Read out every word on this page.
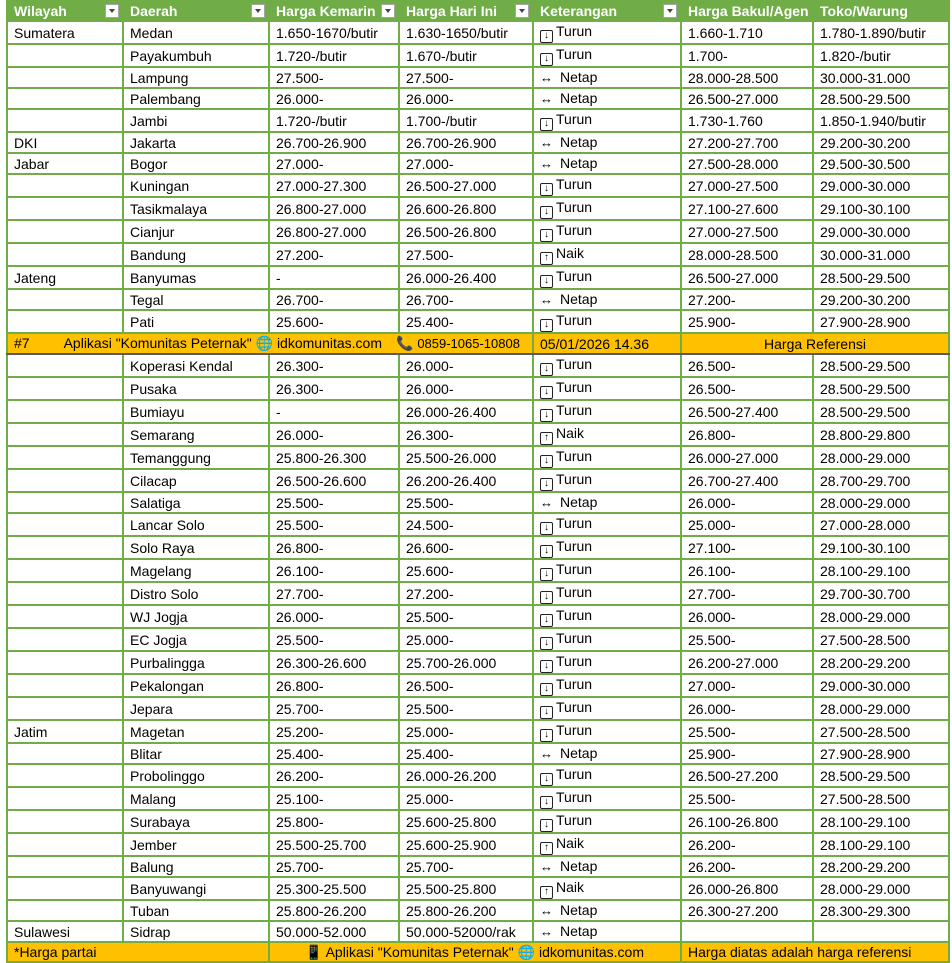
Wilayah	Daerah	Harga Kemarin	Harga Hari Ini	Keterangan	Harga Bakul/Agen	Toko/Warung
Sumatera	Medan	1.650-1670/butir	1.630-1650/butir	↓ Turun	1.660-1.710	1.780-1.890/butir
	Payakumbuh	1.720-/butir	1.670-/butir	↓ Turun	1.700-	1.820-/butir
	Lampung	27.500-	27.500-	↔ Netap	28.000-28.500	30.000-31.000
	Palembang	26.000-	26.000-	↔ Netap	26.500-27.000	28.500-29.500
	Jambi	1.720-/butir	1.700-/butir	↓ Turun	1.730-1.760	1.850-1.940/butir
DKI	Jakarta	26.700-26.900	26.700-26.900	↔ Netap	27.200-27.700	29.200-30.200
Jabar	Bogor	27.000-	27.000-	↔ Netap	27.500-28.000	29.500-30.500
	Kuningan	27.000-27.300	26.500-27.000	↓ Turun	27.000-27.500	29.000-30.000
	Tasikmalaya	26.800-27.000	26.600-26.800	↓ Turun	27.100-27.600	29.100-30.100
	Cianjur	26.800-27.000	26.500-26.800	↓ Turun	27.000-27.500	29.000-30.000
	Bandung	27.200-	27.500-	↑ Naik	28.000-28.500	30.000-31.000
Jateng	Banyumas	-	26.000-26.400	↓ Turun	26.500-27.000	28.500-29.500
	Tegal	26.700-	26.700-	↔ Netap	27.200-	29.200-30.200
	Pati	25.600-	25.400-	↓ Turun	25.900-	27.900-28.900
#7 Aplikasi "Komunitas Peternak" 🌐 idkomunitas.com 📞 0859-1065-10808				05/01/2026 14.36	Harga Referensi	
	Koperasi Kendal	26.300-	26.000-	↓ Turun	26.500-	28.500-29.500
	Pusaka	26.300-	26.000-	↓ Turun	26.500-	28.500-29.500
	Bumiayu	-	26.000-26.400	↓ Turun	26.500-27.400	28.500-29.500
	Semarang	26.000-	26.300-	↑ Naik	26.800-	28.800-29.800
	Temanggung	25.800-26.300	25.500-26.000	↓ Turun	26.000-27.000	28.000-29.000
	Cilacap	26.500-26.600	26.200-26.400	↓ Turun	26.700-27.400	28.700-29.700
	Salatiga	25.500-	25.500-	↔ Netap	26.000-	28.000-29.000
	Lancar Solo	25.500-	24.500-	↓ Turun	25.000-	27.000-28.000
	Solo Raya	26.800-	26.600-	↓ Turun	27.100-	29.100-30.100
	Magelang	26.100-	25.600-	↓ Turun	26.100-	28.100-29.100
	Distro Solo	27.700-	27.200-	↓ Turun	27.700-	29.700-30.700
	WJ Jogja	26.000-	25.500-	↓ Turun	26.000-	28.000-29.000
	EC Jogja	25.500-	25.000-	↓ Turun	25.500-	27.500-28.500
	Purbalingga	26.300-26.600	25.700-26.000	↓ Turun	26.200-27.000	28.200-29.200
	Pekalongan	26.800-	26.500-	↓ Turun	27.000-	29.000-30.000
	Jepara	25.700-	25.500-	↓ Turun	26.000-	28.000-29.000
Jatim	Magetan	25.200-	25.000-	↓ Turun	25.500-	27.500-28.500
	Blitar	25.400-	25.400-	↔ Netap	25.900-	27.900-28.900
	Probolinggo	26.200-	26.000-26.200	↓ Turun	26.500-27.200	28.500-29.500
	Malang	25.100-	25.000-	↓ Turun	25.500-	27.500-28.500
	Surabaya	25.800-	25.600-25.800	↓ Turun	26.100-26.800	28.100-29.100
	Jember	25.500-25.700	25.600-25.900	↑ Naik	26.200-	28.100-29.100
	Balung	25.700-	25.700-	↔ Netap	26.200-	28.200-29.200
	Banyuwangi	25.300-25.500	25.500-25.800	↑ Naik	26.000-26.800	28.000-29.000
	Tuban	25.800-26.200	25.800-26.200	↔ Netap	26.300-27.200	28.300-29.300
Sulawesi	Sidrap	50.000-52.000	50.000-52000/rak	↔ Netap		
*Harga partai		📱 Aplikasi "Komunitas Peternak" 🌐 idkomunitas.com			Harga diatas adalah harga referensi	
